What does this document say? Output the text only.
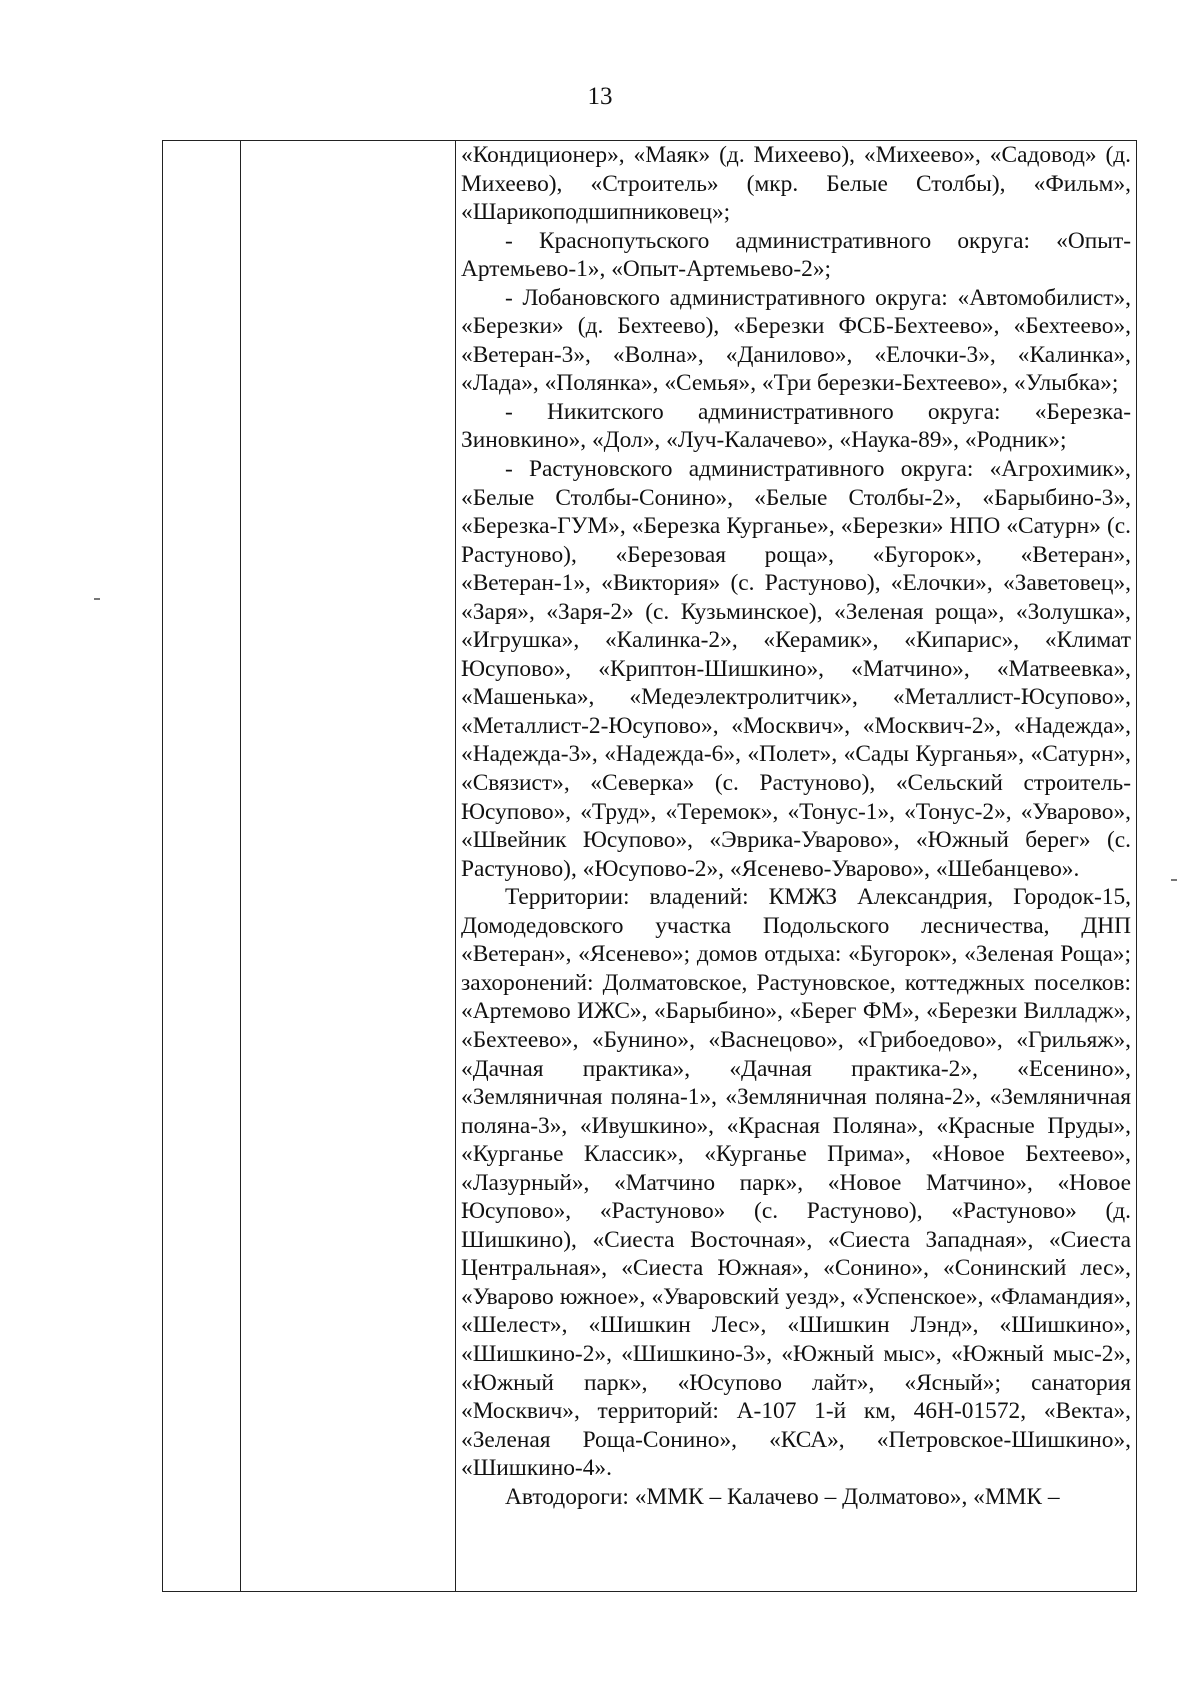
13

«Кондиционер», «Маяк» (д. Михеево), «Михеево», «Садовод» (д. Михеево), «Строитель» (мкр. Белые Столбы), «Фильм», «Шарикоподшипниковец»;

- Краснопутьского административного округа: «Опыт-Артемьево-1», «Опыт-Артемьево-2»;

- Лобановского административного округа: «Автомобилист», «Березки» (д. Бехтеево), «Березки ФСБ-Бехтеево», «Бехтеево», «Ветеран-3», «Волна», «Данилово», «Елочки-3», «Калинка», «Лада», «Полянка», «Семья», «Три березки-Бехтеево», «Улыбка»;

- Никитского административного округа: «Березка-Зиновкино», «Дол», «Луч-Калачево», «Наука-89», «Родник»;

- Растуновского административного округа: «Агрохимик», «Белые Столбы-Сонино», «Белые Столбы-2», «Барыбино-3», «Березка-ГУМ», «Березка Курганье», «Березки» НПО «Сатурн» (с. Растуново), «Березовая роща», «Бугорок», «Ветеран», «Ветеран-1», «Виктория» (с. Растуново), «Елочки», «Заветовец», «Заря», «Заря-2» (с. Кузьминское), «Зеленая роща», «Золушка», «Игрушка», «Калинка-2», «Керамик», «Кипарис», «Климат Юсупово», «Криптон-Шишкино», «Матчино», «Матвеевка», «Машенька», «Медеэлектролитчик», «Металлист-Юсупово», «Металлист-2-Юсупово», «Москвич», «Москвич-2», «Надежда», «Надежда-3», «Надежда-6», «Полет», «Сады Курганья», «Сатурн», «Связист», «Северка» (с. Растуново), «Сельский строитель-Юсупово», «Труд», «Теремок», «Тонус-1», «Тонус-2», «Уварово», «Швейник Юсупово», «Эврика-Уварово», «Южный берег» (с. Растуново), «Юсупово-2», «Ясенево-Уварово», «Шебанцево».

Территории: владений: КМЖЗ Александрия, Городок-15, Домодедовского участка Подольского лесничества, ДНП «Ветеран», «Ясенево»; домов отдыха: «Бугорок», «Зеленая Роща»; захоронений: Долматовское, Растуновское, коттеджных поселков: «Артемово ИЖС», «Барыбино», «Берег ФМ», «Березки Вилладж», «Бехтеево», «Бунино», «Васнецово», «Грибоедово», «Грильяж», «Дачная практика», «Дачная практика-2», «Есенино», «Земляничная поляна-1», «Земляничная поляна-2», «Земляничная поляна-3», «Ивушкино», «Красная Поляна», «Красные Пруды», «Курганье Классик», «Курганье Прима», «Новое Бехтеево», «Лазурный», «Матчино парк», «Новое Матчино», «Новое Юсупово», «Растуново» (с. Растуново), «Растуново» (д. Шишкино), «Сиеста Восточная», «Сиеста Западная», «Сиеста Центральная», «Сиеста Южная», «Сонино», «Сонинский лес», «Уварово южное», «Уваровский уезд», «Успенское», «Фламандия», «Шелест», «Шишкин Лес», «Шишкин Лэнд», «Шишкино», «Шишкино-2», «Шишкино-3», «Южный мыс», «Южный мыс-2», «Южный парк», «Юсупово лайт», «Ясный»; санатория «Москвич», территорий: А-107 1-й км, 46Н-01572, «Векта», «Зеленая Роща-Сонино», «КСА», «Петровское-Шишкино», «Шишкино-4».

Автодороги: «ММК – Калачево – Долматово», «ММК –
